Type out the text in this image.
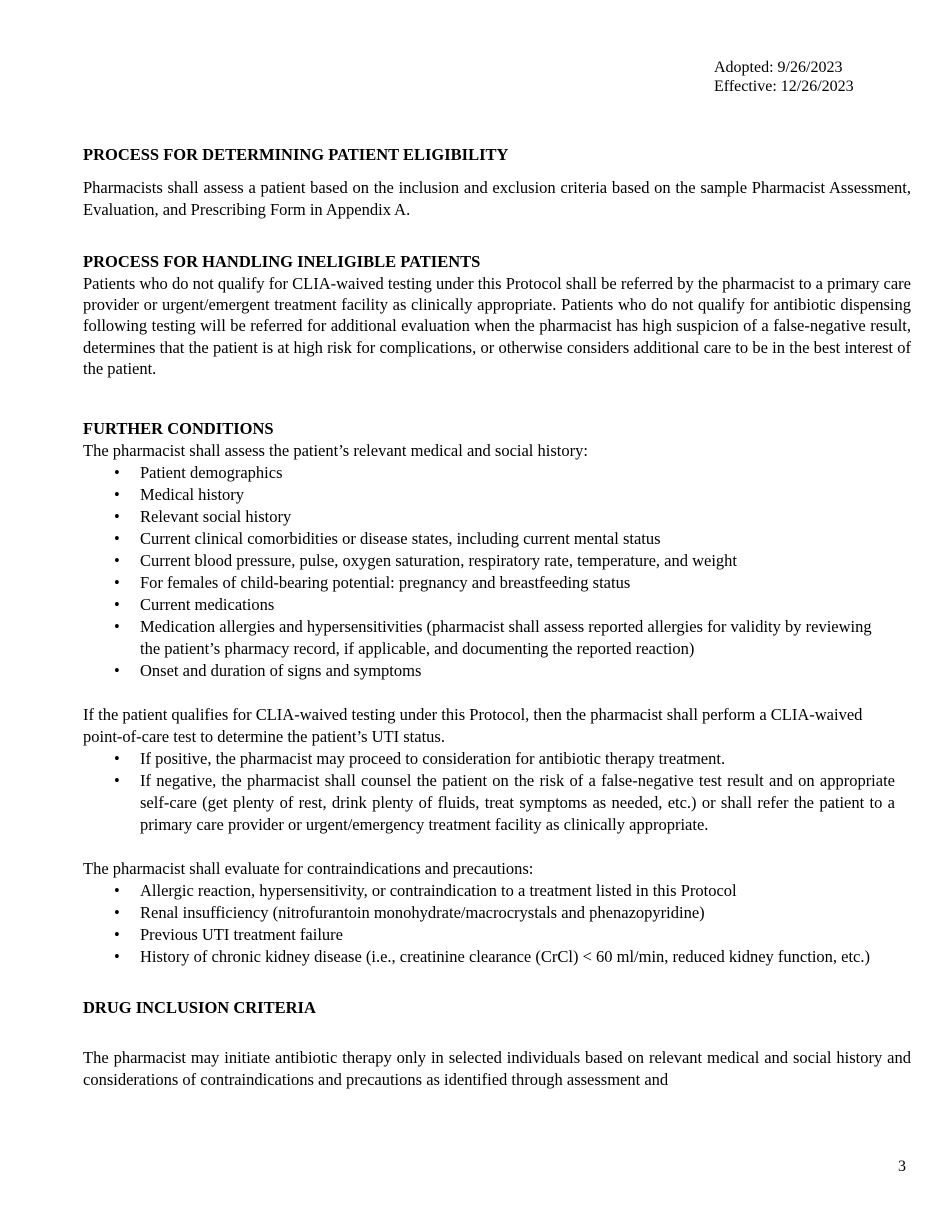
Adopted: 9/26/2023
Effective: 12/26/2023
PROCESS FOR DETERMINING PATIENT ELIGIBILITY

Pharmacists shall assess a patient based on the inclusion and exclusion criteria based on the sample Pharmacist Assessment, Evaluation, and Prescribing Form in Appendix A.

PROCESS FOR HANDLING INELIGIBLE PATIENTS

Patients who do not qualify for CLIA-waived testing under this Protocol shall be referred by the pharmacist to a primary care provider or urgent/emergent treatment facility as clinically appropriate. Patients who do not qualify for antibiotic dispensing following testing will be referred for additional evaluation when the pharmacist has high suspicion of a false-negative result, determines that the patient is at high risk for complications, or otherwise considers additional care to be in the best interest of the patient.

FURTHER CONDITIONS

The pharmacist shall assess the patient’s relevant medical and social history:

• Patient demographics
• Medical history
• Relevant social history
• Current clinical comorbidities or disease states, including current mental status
• Current blood pressure, pulse, oxygen saturation, respiratory rate, temperature, and weight
• For females of child-bearing potential: pregnancy and breastfeeding status
• Current medications
• Medication allergies and hypersensitivities (pharmacist shall assess reported allergies for validity by reviewing the patient’s pharmacy record, if applicable, and documenting the reported reaction)
• Onset and duration of signs and symptoms

If the patient qualifies for CLIA-waived testing under this Protocol, then the pharmacist shall perform a CLIA-waived point-of-care test to determine the patient’s UTI status.

• If positive, the pharmacist may proceed to consideration for antibiotic therapy treatment.
• If negative, the pharmacist shall counsel the patient on the risk of a false-negative test result and on appropriate self-care (get plenty of rest, drink plenty of fluids, treat symptoms as needed, etc.) or shall refer the patient to a primary care provider or urgent/emergency treatment facility as clinically appropriate.

The pharmacist shall evaluate for contraindications and precautions:

• Allergic reaction, hypersensitivity, or contraindication to a treatment listed in this Protocol
• Renal insufficiency (nitrofurantoin monohydrate/macrocrystals and phenazopyridine)
• Previous UTI treatment failure
• History of chronic kidney disease (i.e., creatinine clearance (CrCl) < 60 ml/min, reduced kidney function, etc.)
DRUG INCLUSION CRITERIA

The pharmacist may initiate antibiotic therapy only in selected individuals based on relevant medical and social history and considerations of contraindications and precautions as identified through assessment and

3
